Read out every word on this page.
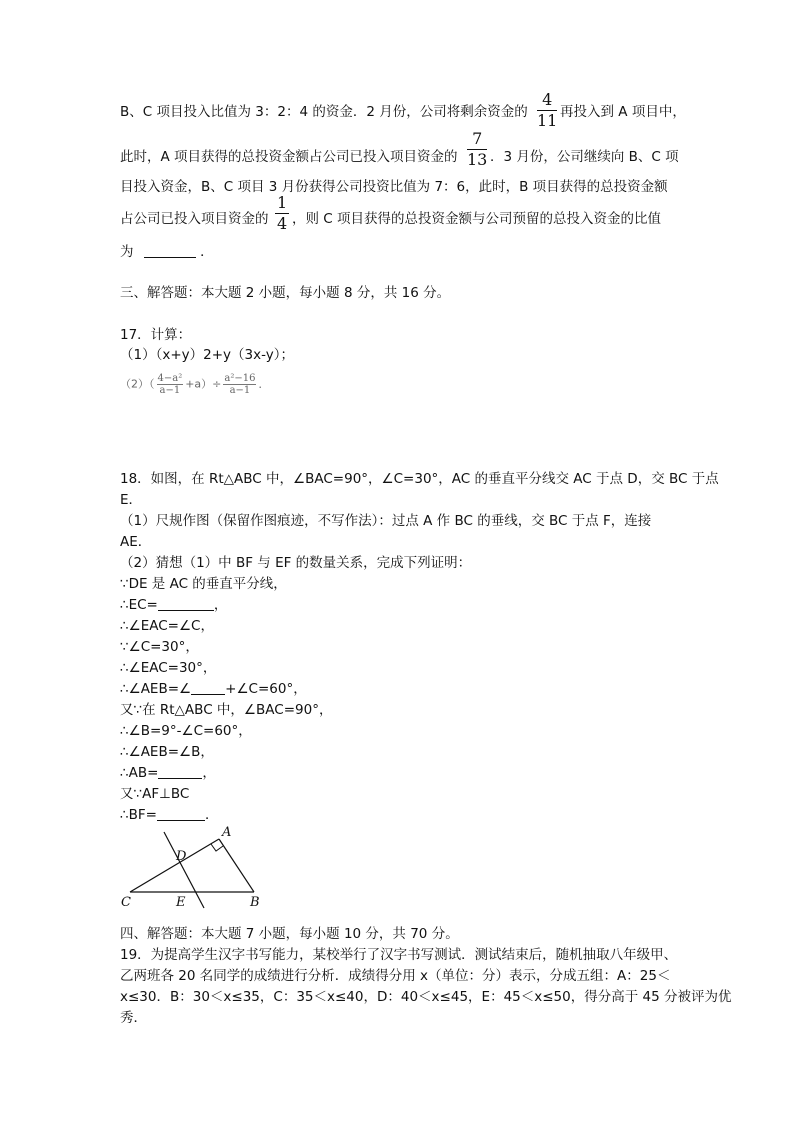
B、C 项目投入比值为 3：2：4 的资金．2 月份，公司将剩余资金的 $\frac{4}{11}$ 再投入到 A 项目中，
此时，A 项目获得的总投资金额占公司已投入项目资金的 $\frac{7}{13}$ ．3 月份，公司继续向 B、C 项
目投入资金，B、C 项目 3 月份获得公司投资比值为 7：6，此时，B 项目获得的总投资金额
占公司已投入项目资金的 $\frac{1}{4}$ ，则 C 项目获得的总投资金额与公司预留的总投入资金的比值
为	．
三、解答题：本大题 2 小题，每小题 8 分，共 16 分。
17．计算：
（1）（x+y）2+y（3x-y）；
$(2)( \frac{\text{4−a²}}{a-1} +a)\div \frac{\text{a²−16}}{a-1}$ ．
18．如图，在 Rt△ABC 中，∠BAC=90°，∠C=30°，AC 的垂直平分线交 AC 于点 D，交 BC 于点
E．
（1）尺规作图（保留作图痕迹，不写作法）：过点 A 作 BC 的垂线，交 BC 于点 F，连接
AE．
（2）猜想（1）中 BF 与 EF 的数量关系，完成下列证明：
∵DE 是 AC 的垂直平分线，
∴EC=	，
∴∠EAC=∠C，
∵∠C=30°，
∴∠EAC=30°，
∴∠AEB=∠	+∠C=60°，
又∵在 Rt△ABC 中，∠BAC=90°，
∴∠B=9°-∠C=60°，
∴∠AEB=∠B，
∴AB=	，
又∵AF⊥BC
∴BF=	．
A
B
C
D
E
四、解答题：本大题 7 小题，每小题 10 分，共 70 分。
19．为提高学生汉字书写能力，某校举行了汉字书写测试．测试结束后，随机抽取八年级甲、
乙两班各 20 名同学的成绩进行分析．成绩得分用 x（单位：分）表示，分成五组：A：25＜
x≤30．B：30＜x≤35，C：35＜x≤40，D：40＜x≤45，E：45＜x≤50，得分高于 45 分被评为优
秀．
